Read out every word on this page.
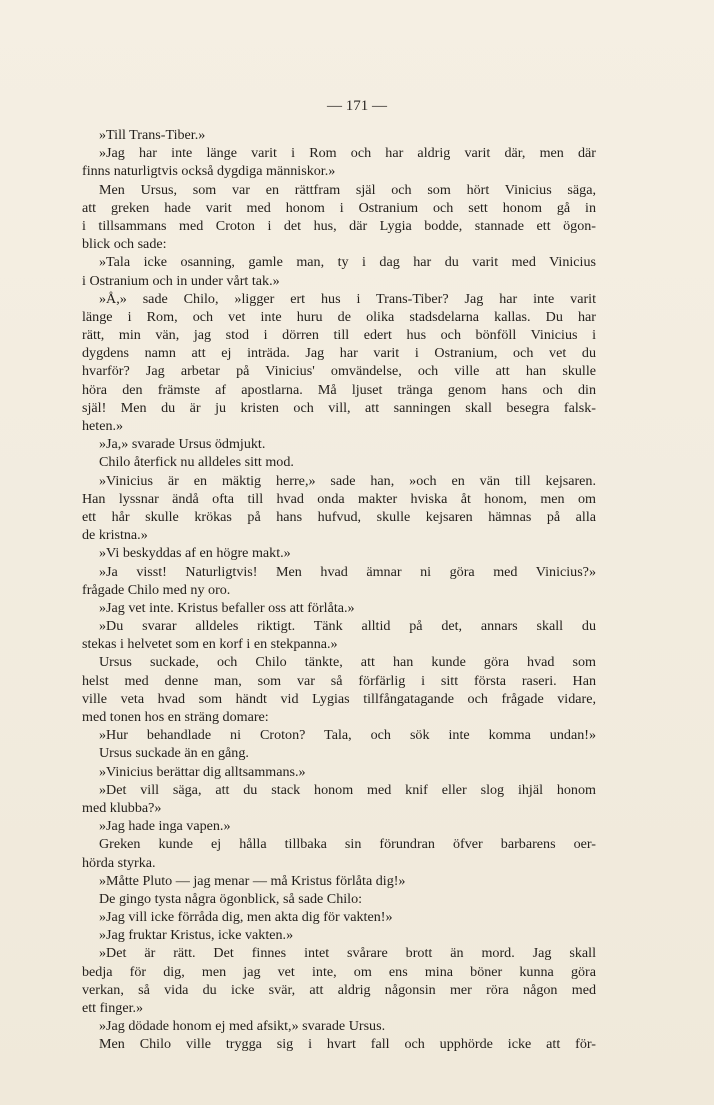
— 171 —
»Till Trans-Tiber.»
»Jag har inte länge varit i Rom och har aldrig varit där, men där
finns naturligtvis också dygdiga människor.»
Men Ursus, som var en rättfram själ och som hört Vinicius säga,
att greken hade varit med honom i Ostranium och sett honom gå in
i tillsammans med Croton i det hus, där Lygia bodde, stannade ett ögon-
blick och sade:
»Tala icke osanning, gamle man, ty i dag har du varit med Vinicius
i Ostranium och in under vårt tak.»
»Å,» sade Chilo, »ligger ert hus i Trans-Tiber? Jag har inte varit
länge i Rom, och vet inte huru de olika stadsdelarna kallas. Du har
rätt, min vän, jag stod i dörren till edert hus och bönföll Vinicius i
dygdens namn att ej inträda. Jag har varit i Ostranium, och vet du
hvarför? Jag arbetar på Vinicius' omvändelse, och ville att han skulle
höra den främste af apostlarna. Må ljuset tränga genom hans och din
själ! Men du är ju kristen och vill, att sanningen skall besegra falsk-
heten.»
»Ja,» svarade Ursus ödmjukt.
Chilo återfick nu alldeles sitt mod.
»Vinicius är en mäktig herre,» sade han, »och en vän till kejsaren.
Han lyssnar ändå ofta till hvad onda makter hviska åt honom, men om
ett hår skulle krökas på hans hufvud, skulle kejsaren hämnas på alla
de kristna.»
»Vi beskyddas af en högre makt.»
»Ja visst! Naturligtvis! Men hvad ämnar ni göra med Vinicius?»
frågade Chilo med ny oro.
»Jag vet inte. Kristus befaller oss att förlåta.»
»Du svarar alldeles riktigt. Tänk alltid på det, annars skall du
stekas i helvetet som en korf i en stekpanna.»
Ursus suckade, och Chilo tänkte, att han kunde göra hvad som
helst med denne man, som var så förfärlig i sitt första raseri. Han
ville veta hvad som händt vid Lygias tillfångatagande och frågade vidare,
med tonen hos en sträng domare:
»Hur behandlade ni Croton? Tala, och sök inte komma undan!»
Ursus suckade än en gång.
»Vinicius berättar dig alltsammans.»
»Det vill säga, att du stack honom med knif eller slog ihjäl honom
med klubba?»
»Jag hade inga vapen.»
Greken kunde ej hålla tillbaka sin förundran öfver barbarens oer-
hörda styrka.
»Måtte Pluto — jag menar — må Kristus förlåta dig!»
De gingo tysta några ögonblick, så sade Chilo:
»Jag vill icke förråda dig, men akta dig för vakten!»
»Jag fruktar Kristus, icke vakten.»
»Det är rätt. Det finnes intet svårare brott än mord. Jag skall
bedja för dig, men jag vet inte, om ens mina böner kunna göra
verkan, så vida du icke svär, att aldrig någonsin mer röra någon med
ett finger.»
»Jag dödade honom ej med afsikt,» svarade Ursus.
Men Chilo ville trygga sig i hvart fall och upphörde icke att för-
